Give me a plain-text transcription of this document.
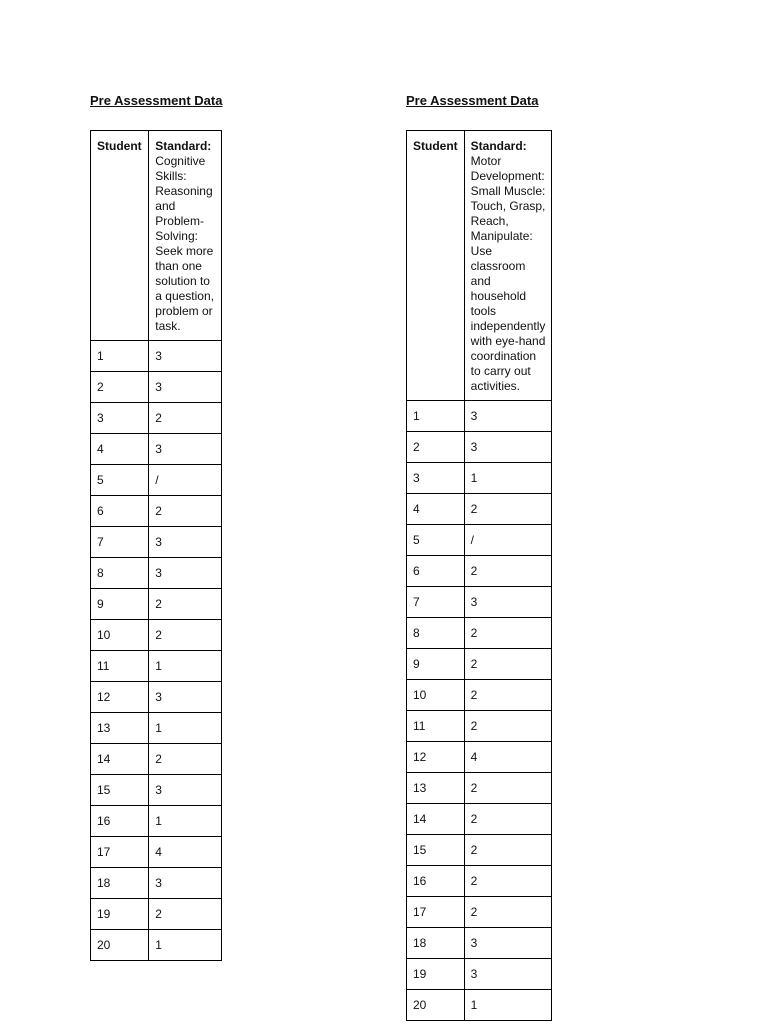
Pre Assessment Data

Student	Standard: Cognitive Skills: Reasoning and Problem-Solving: Seek more than one solution to a question, problem or task.
1	3
2	3
3	2
4	3
5	/
6	2
7	3
8	3
9	2
10	2
11	1
12	3
13	1
14	2
15	3
16	1
17	4
18	3
19	2
20	1

Pre Assessment Data

Student	Standard: Motor Development: Small Muscle: Touch, Grasp, Reach, Manipulate: Use classroom and household tools independently with eye-hand coordination to carry out activities.
1	3
2	3
3	1
4	2
5	/
6	2
7	3
8	2
9	2
10	2
11	2
12	4
13	2
14	2
15	2
16	2
17	2
18	3
19	3
20	1
